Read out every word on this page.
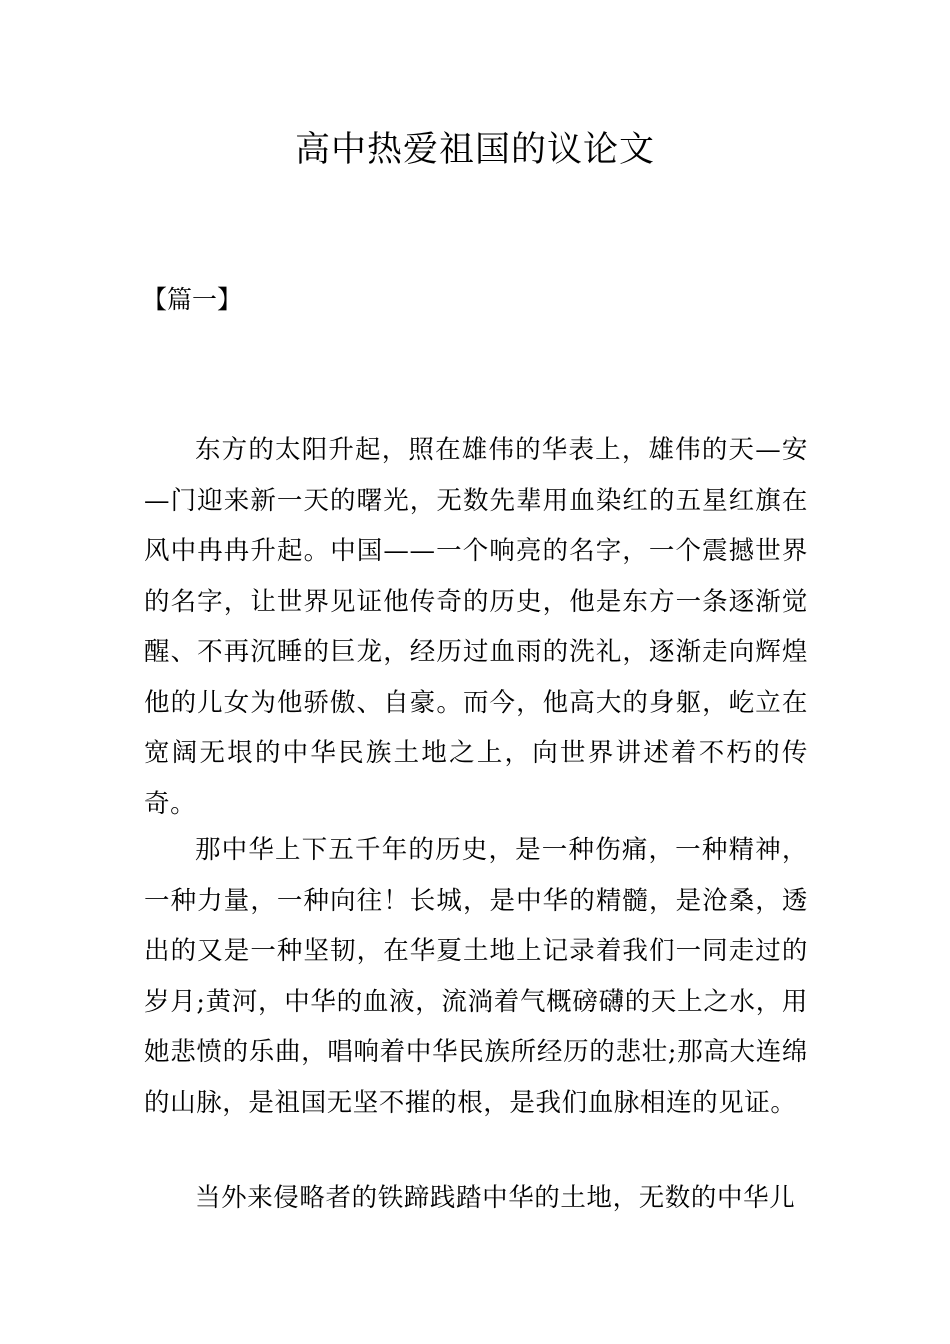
高中热爱祖国的议论文

【篇一】

东方的太阳升起，照在雄伟的华表上，雄伟的天—安—门迎来新一天的曙光，无数先辈用血染红的五星红旗在风中冉冉升起。中国——一个响亮的名字，一个震撼世界的名字，让世界见证他传奇的历史，他是东方一条逐渐觉醒、不再沉睡的巨龙，经历过血雨的洗礼，逐渐走向辉煌他的儿女为他骄傲、自豪。而今，他高大的身躯，屹立在宽阔无垠的中华民族土地之上，向世界讲述着不朽的传奇。

那中华上下五千年的历史，是一种伤痛，一种精神，一种力量，一种向往！长城，是中华的精髓，是沧桑，透出的又是一种坚韧，在华夏土地上记录着我们一同走过的岁月;黄河，中华的血液，流淌着气概磅礴的天上之水，用她悲愤的乐曲，唱响着中华民族所经历的悲壮;那高大连绵的山脉，是祖国无坚不摧的根，是我们血脉相连的见证。

当外来侵略者的铁蹄践踏中华的土地，无数的中华儿
